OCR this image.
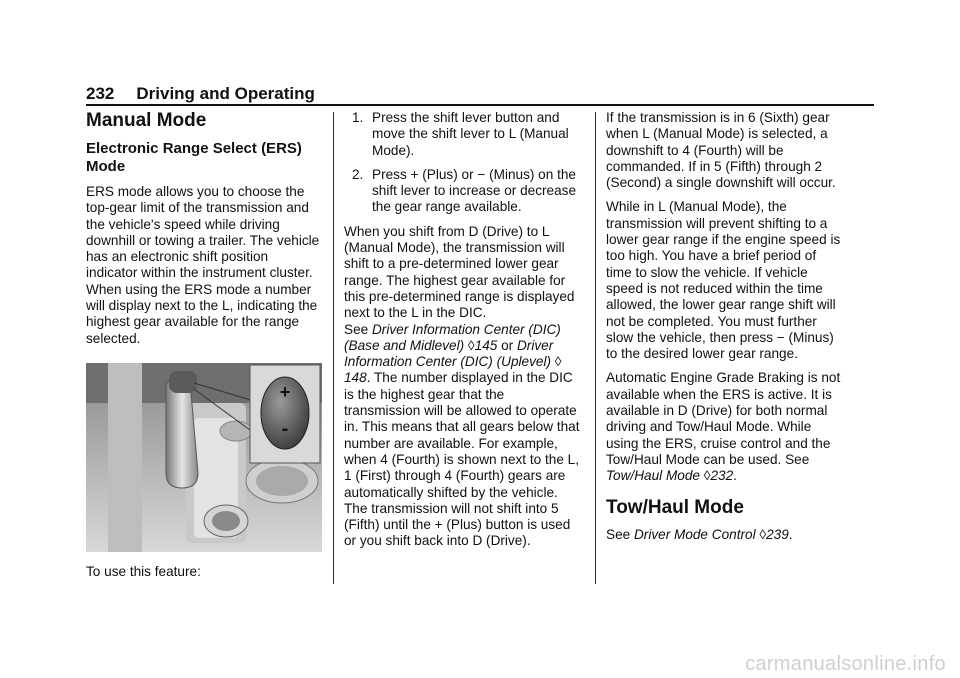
232 Driving and Operating
Manual Mode
Electronic Range Select (ERS) Mode

ERS mode allows you to choose the top-gear limit of the transmission and the vehicle's speed while driving downhill or towing a trailer. The vehicle has an electronic shift position indicator within the instrument cluster. When using the ERS mode a number will display next to the L, indicating the highest gear available for the range selected.

+
-

To use this feature:

1. Press the shift lever button and move the shift lever to L (Manual Mode).
2. Press + (Plus) or − (Minus) on the shift lever to increase or decrease the gear range available.

When you shift from D (Drive) to L (Manual Mode), the transmission will shift to a pre-determined lower gear range. The highest gear available for this pre-determined range is displayed next to the L in the DIC.
See Driver Information Center (DIC) (Base and Midlevel) ◊145 or Driver Information Center (DIC) (Uplevel) ◊ 148. The number displayed in the DIC is the highest gear that the transmission will be allowed to operate in. This means that all gears below that number are available. For example, when 4 (Fourth) is shown next to the L, 1 (First) through 4 (Fourth) gears are automatically shifted by the vehicle. The transmission will not shift into 5 (Fifth) until the + (Plus) button is used or you shift back into D (Drive).

If the transmission is in 6 (Sixth) gear when L (Manual Mode) is selected, a downshift to 4 (Fourth) will be commanded. If in 5 (Fifth) through 2 (Second) a single downshift will occur.

While in L (Manual Mode), the transmission will prevent shifting to a lower gear range if the engine speed is too high. You have a brief period of time to slow the vehicle. If vehicle speed is not reduced within the time allowed, the lower gear range shift will not be completed. You must further slow the vehicle, then press − (Minus) to the desired lower gear range.

Automatic Engine Grade Braking is not available when the ERS is active. It is available in D (Drive) for both normal driving and Tow/Haul Mode. While using the ERS, cruise control and the Tow/Haul Mode can be used. See Tow/Haul Mode ◊232.

Tow/Haul Mode

See Driver Mode Control ◊239.

carmanualsonline.info
